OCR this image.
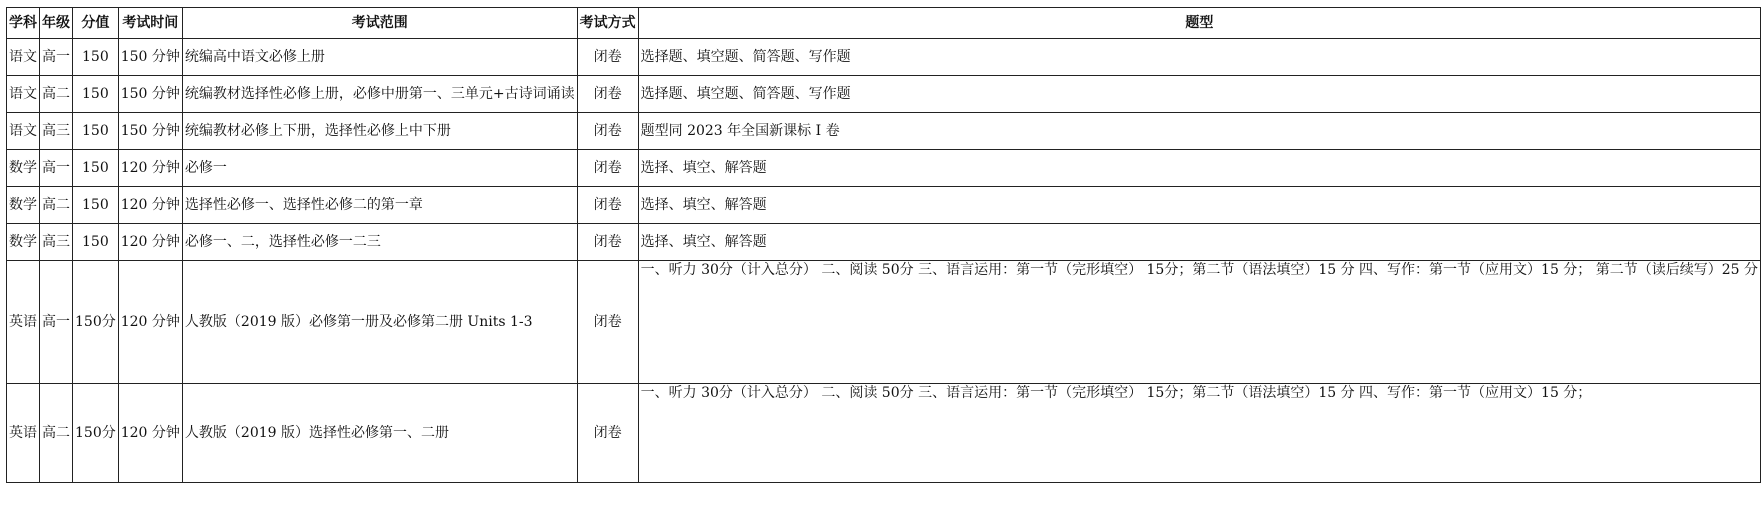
学科	年级	分值	考试时间	考试范围	考试方式	题型
语文	高一	150	150 分钟	统编高中语文必修上册	闭卷	选择题、填空题、简答题、写作题
语文	高二	150	150 分钟	统编教材选择性必修上册，必修中册第一、三单元+古诗词诵读	闭卷	选择题、填空题、简答题、写作题
语文	高三	150	150 分钟	统编教材必修上下册，选择性必修上中下册	闭卷	题型同 2023 年全国新课标 I 卷
数学	高一	150	120 分钟	必修一	闭卷	选择、填空、解答题
数学	高二	150	120 分钟	选择性必修一、选择性必修二的第一章	闭卷	选择、填空、解答题
数学	高三	150	120 分钟	必修一、二，选择性必修一二三	闭卷	选择、填空、解答题
英语	高一	150分	120 分钟	人教版（2019 版）必修第一册及必修第二册 Units 1-3	闭卷	一、听力 30分（计入总分） 二、阅读 50分 三、语言运用：第一节（完形填空） 15分；第二节（语法填空）15 分 四、写作：第一节（应用文）15 分； 第二节（读后续写）25 分
英语	高二	150分	120 分钟	人教版（2019 版）选择性必修第一、二册	闭卷	一、听力 30分（计入总分） 二、阅读 50分 三、语言运用：第一节（完形填空） 15分；第二节（语法填空）15 分 四、写作：第一节（应用文）15 分；
